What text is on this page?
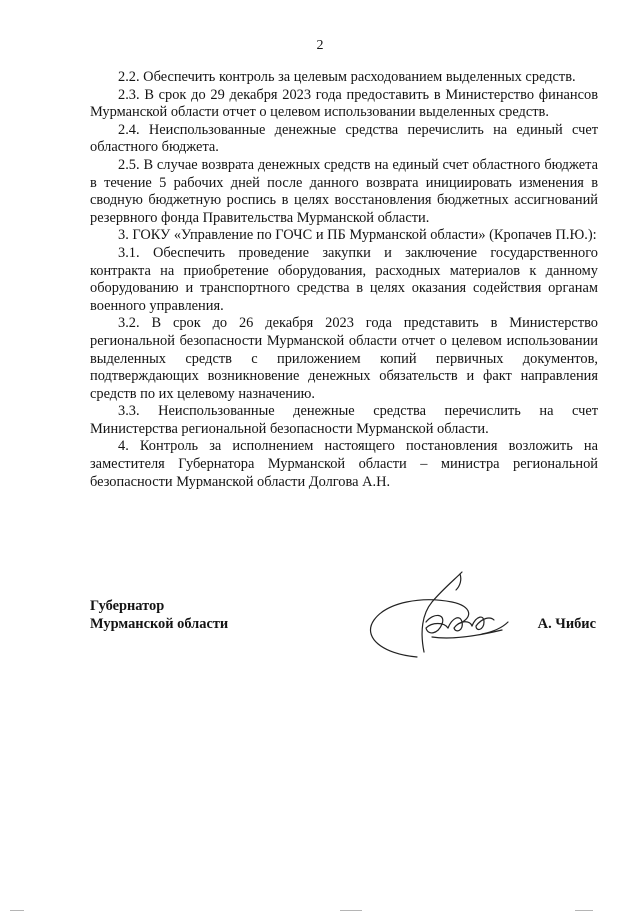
2

2.2. Обеспечить контроль за целевым расходованием выделенных средств.

2.3. В срок до 29 декабря 2023 года предоставить в Министерство финансов Мурманской области отчет о целевом использовании выделенных средств.

2.4. Неиспользованные денежные средства перечислить на единый счет областного бюджета.

2.5. В случае возврата денежных средств на единый счет областного бюджета в течение 5 рабочих дней после данного возврата инициировать изменения в сводную бюджетную роспись в целях восстановления бюджетных ассигнований резервного фонда Правительства Мурманской области.

3. ГОКУ «Управление по ГОЧС и ПБ Мурманской области» (Кропачев П.Ю.):

3.1. Обеспечить проведение закупки и заключение государственного контракта на приобретение оборудования, расходных материалов к данному оборудованию и транспортного средства в целях оказания содействия органам военного управления.

3.2. В срок до 26 декабря 2023 года представить в Министерство региональной безопасности Мурманской области отчет о целевом использовании выделенных средств с приложением копий первичных документов, подтверждающих возникновение денежных обязательств и факт направления средств по их целевому назначению.

3.3. Неиспользованные денежные средства перечислить на счет Министерства региональной безопасности Мурманской области.

4. Контроль за исполнением настоящего постановления возложить на заместителя Губернатора Мурманской области – министра региональной безопасности Мурманской области Долгова А.Н.

Губернатор
Мурманской области	А. Чибис
